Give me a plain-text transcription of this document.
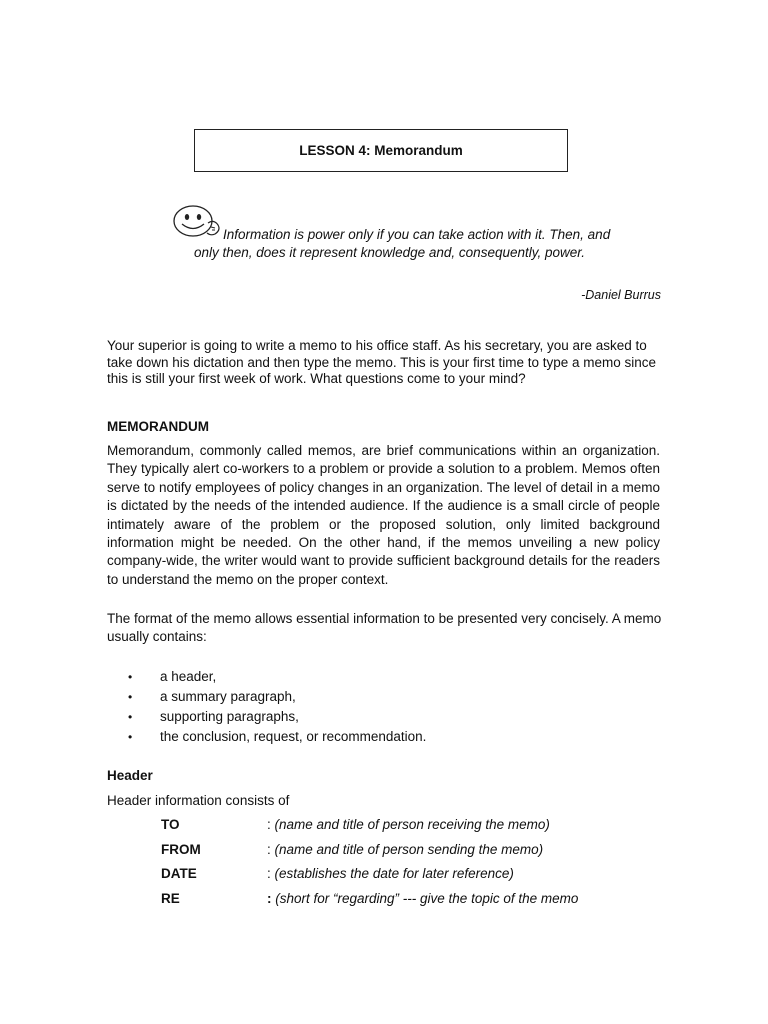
LESSON 4: Memorandum
Information is power only if you can take action with it. Then, and
only then, does it represent knowledge and, consequently, power.
-Daniel Burrus
Your superior is going to write a memo to his office staff. As his secretary, you are asked to take down his dictation and then type the memo. This is your first time to type a memo since this is still your first week of work. What questions come to your mind?
MEMORANDUM

Memorandum, commonly called memos, are brief communications within an organization. They typically alert co-workers to a problem or provide a solution to a problem. Memos often serve to notify employees of policy changes in an organization. The level of detail in a memo is dictated by the needs of the intended audience. If the audience is a small circle of people intimately aware of the problem or the proposed solution, only limited background information might be needed. On the other hand, if the memos unveiling a new policy company-wide, the writer would want to provide sufficient background details for the readers to understand the memo on the proper context.

The format of the memo allows essential information to be presented very concisely. A memo usually contains:

• a header,
• a summary paragraph,
• supporting paragraphs,
• the conclusion, request, or recommendation.
Header
Header information consists of
TO	: (name and title of person receiving the memo)
FROM	: (name and title of person sending the memo)
DATE	: (establishes the date for later reference)
RE	: (short for “regarding” --- give the topic of the memo
